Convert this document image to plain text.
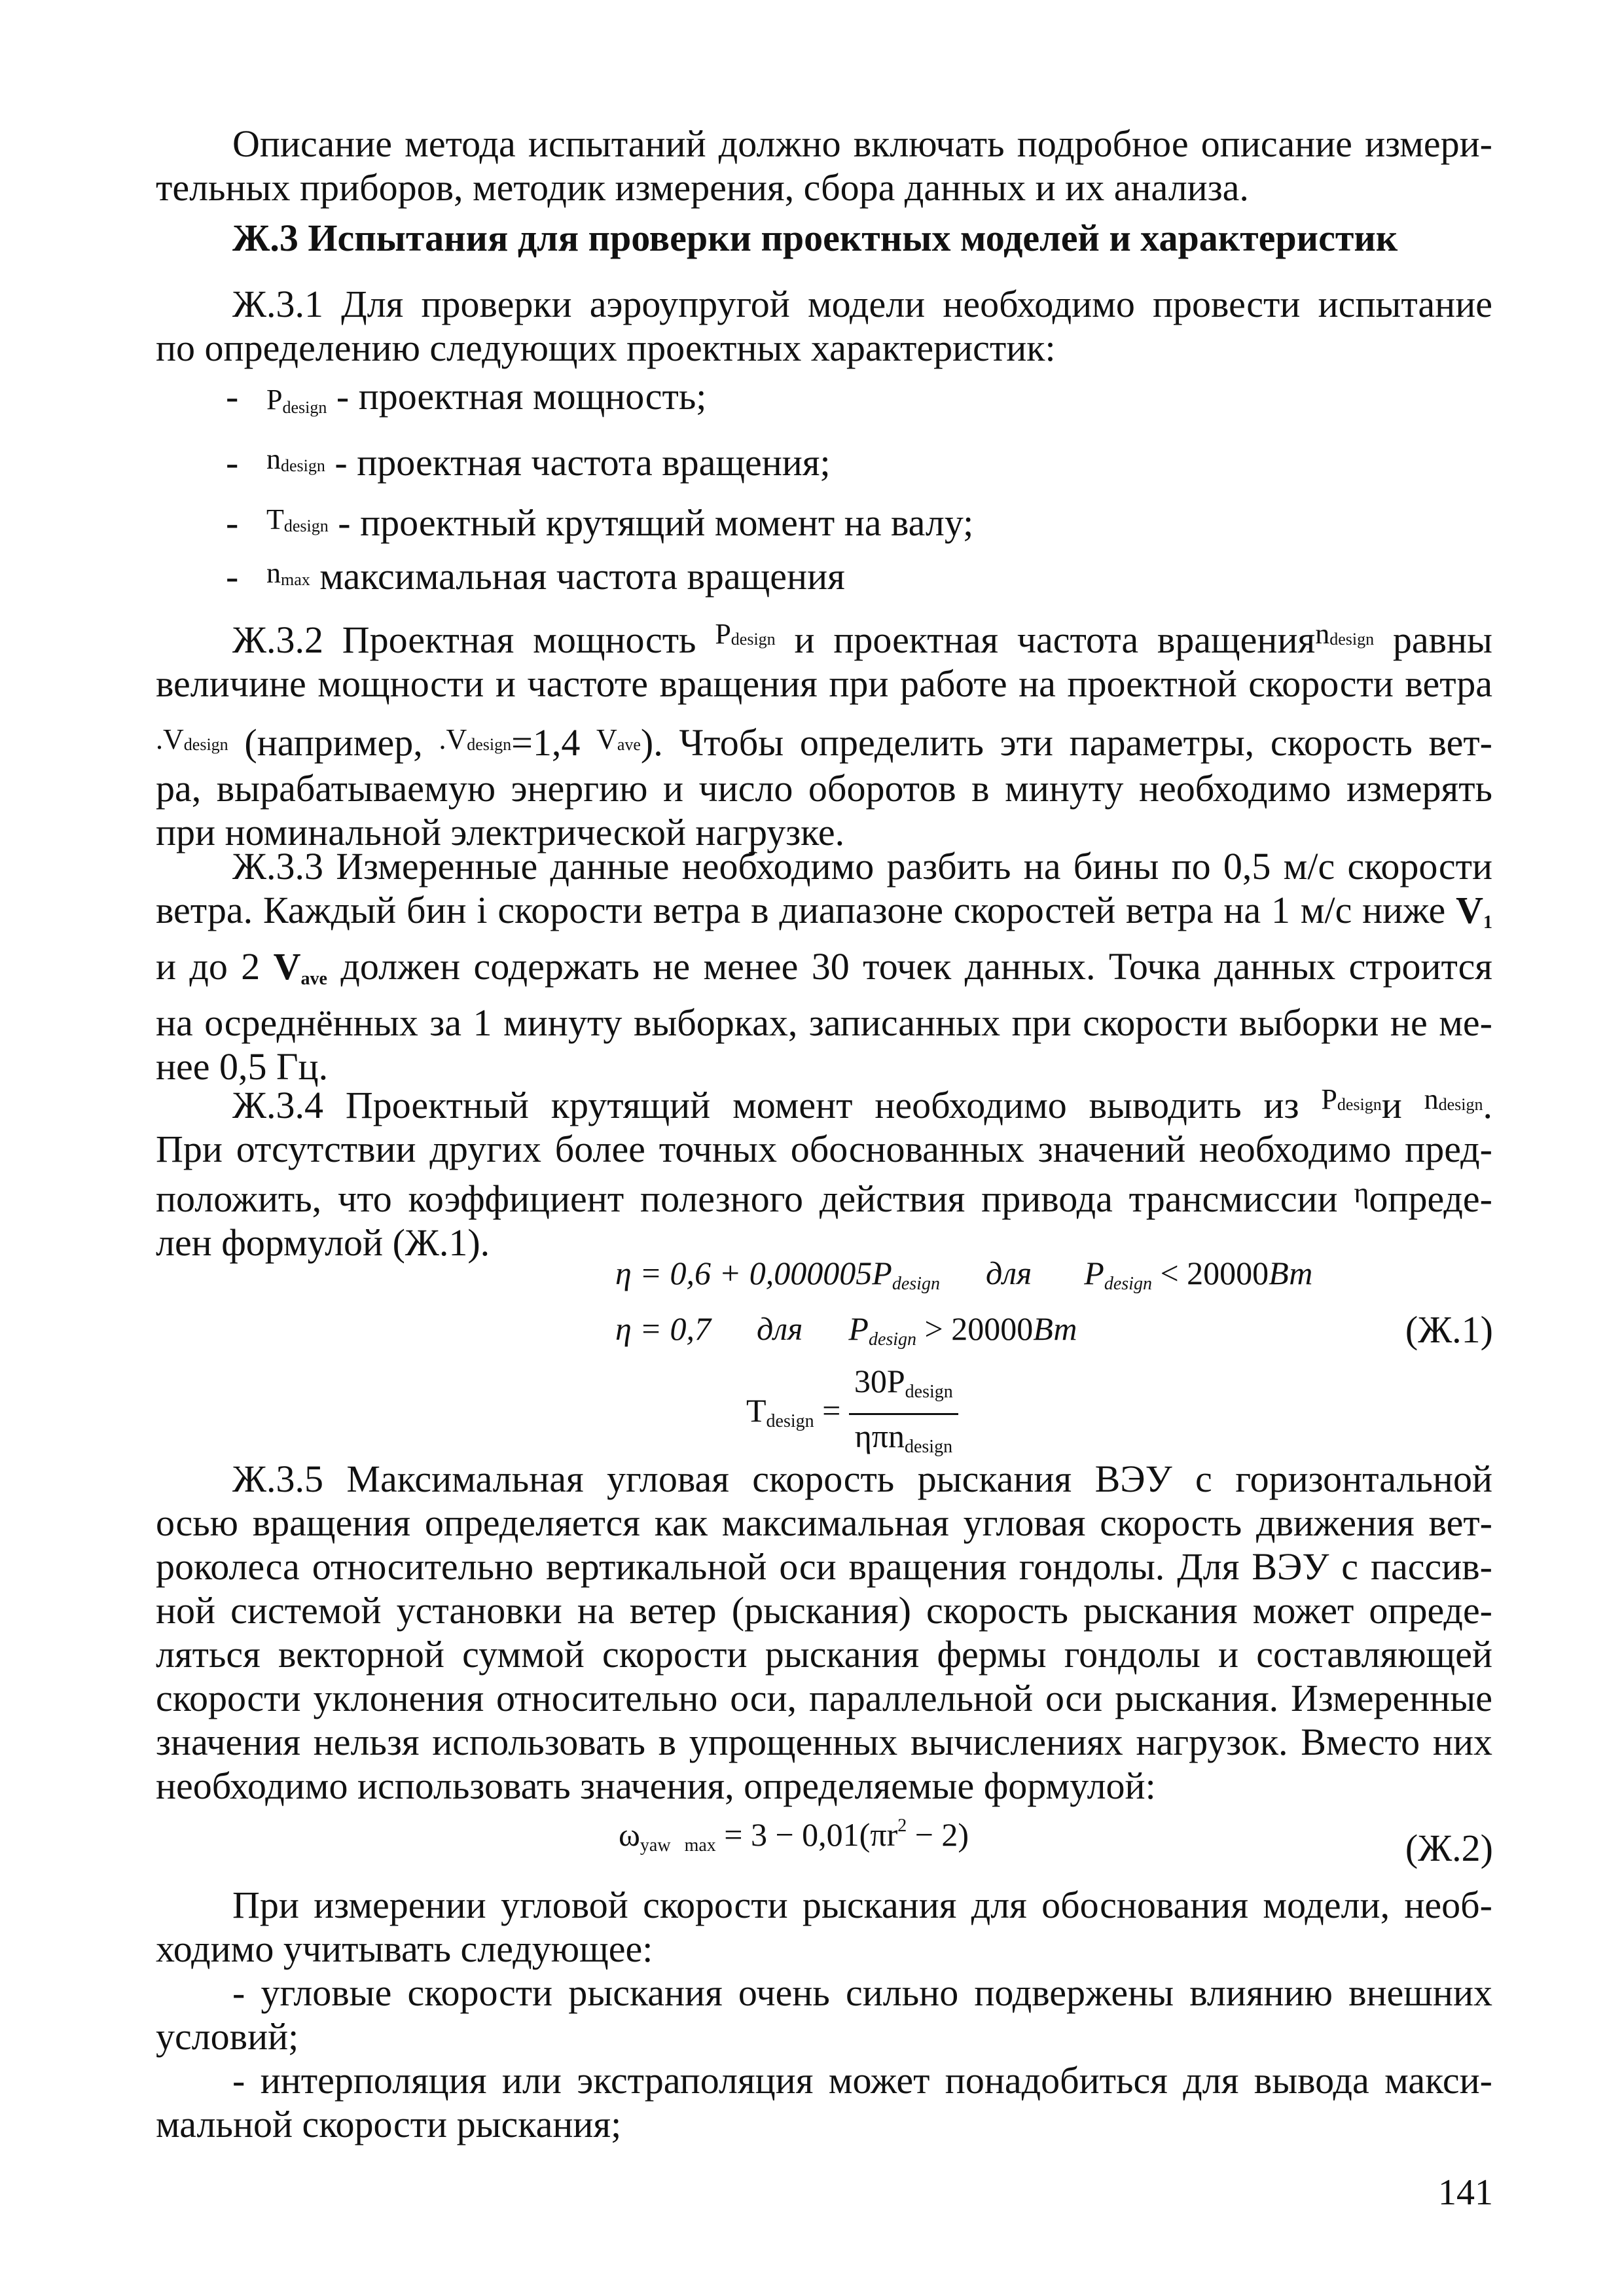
Описание метода испытаний должно включать подробное описание измери-
тельных приборов, методик измерения, сбора данных и их анализа.
Ж.3 Испытания для проверки проектных моделей и характеристик
Ж.3.1 Для проверки аэроупругой модели необходимо провести испытание
по определению следующих проектных характеристик:
- $P_{design}$ - проектная мощность;
- $n_{design}$ - проектная частота вращения;
- $T_{design}$ - проектный крутящий момент на валу;
- $n_{max}$ максимальная частота вращения
Ж.3.2 Проектная мощность $^P_{design}$ и проектная частота вращения$^n_{design}$ равны
величине мощности и частоте вращения при работе на проектной скорости ветра
$.V_{design}$ (например, $.V_{design}=1,4$ $V_{ave}$). Чтобы определить эти параметры, скорость вет-
ра, вырабатываемую энергию и число оборотов в минуту необходимо измерять
при номинальной электрической нагрузке.
Ж.3.3 Измеренные данные необходимо разбить на бины по 0,5 м/с скорости
ветра. Каждый бин i скорости ветра в диапазоне скоростей ветра на 1 м/с ниже $V_1$
и до 2 $V_{ave}$ должен содержать не менее 30 точек данных. Точка данных строится
на осреднённых за 1 минуту выборках, записанных при скорости выборки не ме-
нее 0,5 Гц.
Ж.3.4 Проектный крутящий момент необходимо выводить из $^P_{design}$и $^n_{design}$.
При отсутствии других более точных обоснованных значений необходимо пред-
положить, что коэффициент полезного действия привода трансмиссии $^\eta$опреде-
лен формулой (Ж.1).
$\eta = 0,6 + 0,000005P_{design}$ для $P_{design} < 20000Вт$
η = 0,7 для $P_{design} > 20000Вт$	(Ж.1)
$T_{design} = \frac{30P_{design}}{\eta\pi n_{design}}$
Ж.3.5 Максимальная угловая скорость рыскания ВЭУ с горизонтальной
осью вращения определяется как максимальная угловая скорость движения вет-
роколеса относительно вертикальной оси вращения гондолы. Для ВЭУ с пассив-
ной системой установки на ветер (рыскания) скорость рыскания может опреде-
ляться векторной суммой скорости рыскания фермы гондолы и составляющей
скорости уклонения относительно оси, параллельной оси рыскания. Измеренные
значения нельзя использовать в упрощенных вычислениях нагрузок. Вместо них
необходимо использовать значения, определяемые формулой:
$\omega_{yaw max} = 3 - 0,01(\pi r^2 - 2)$	(Ж.2)
При измерении угловой скорости рыскания для обоснования модели, необ-
ходимо учитывать следующее:
- угловые скорости рыскания очень сильно подвержены влиянию внешних
условий;
- интерполяция или экстраполяция может понадобиться для вывода макси-
мальной скорости рыскания;
141
